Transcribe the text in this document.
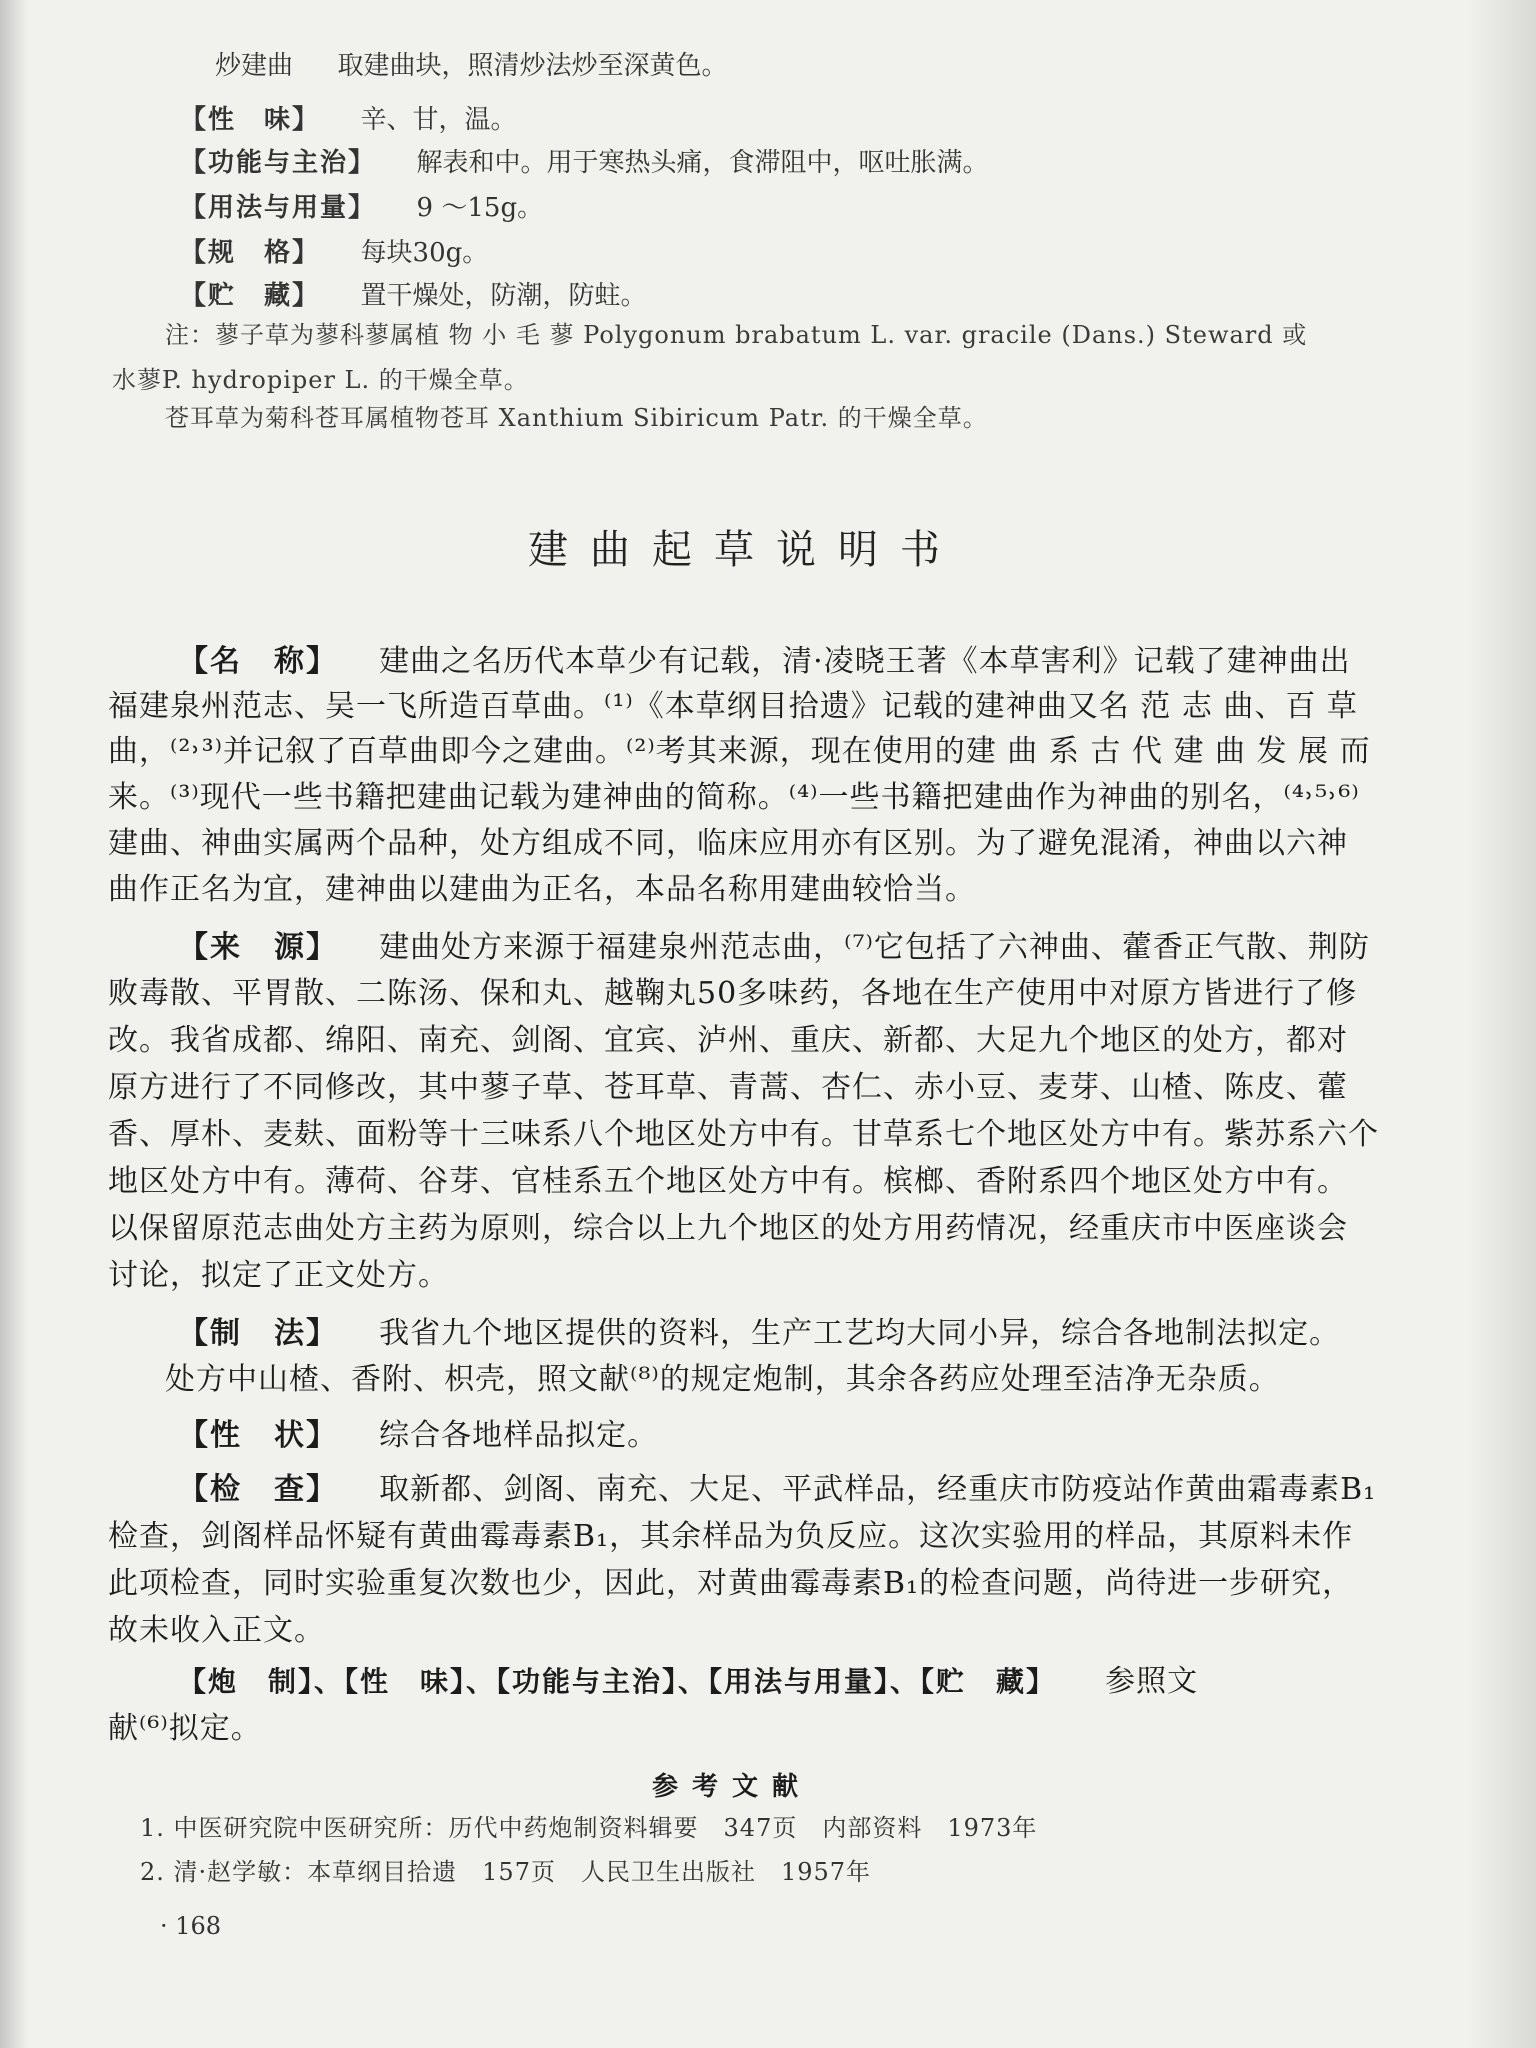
炒建曲 取建曲块，照清炒法炒至深黄色。
【性　味】 辛、甘，温。
【功能与主治】 解表和中。用于寒热头痛，食滞阻中，呕吐胀满。
【用法与用量】 9 ～15g。
【规　格】 每块30g。
【贮　藏】 置干燥处，防潮，防蛀。
注：蓼子草为蓼科蓼属植 物 小 毛 蓼 Polygonum brabatum L. var. gracile (Dans.) Steward 或
水蓼P. hydropiper L. 的干燥全草。
苍耳草为菊科苍耳属植物苍耳 Xanthium Sibiricum Patr. 的干燥全草。
建曲起草说明书
【名　称】 建曲之名历代本草少有记载，清·凌晓王著《本草害利》记载了建神曲出
福建泉州范志、吴一飞所造百草曲。⁽¹⁾《本草纲目拾遗》记载的建神曲又名 范 志 曲、百 草
曲，⁽²˒³⁾并记叙了百草曲即今之建曲。⁽²⁾考其来源，现在使用的建 曲 系 古 代 建 曲 发 展 而
来。⁽³⁾现代一些书籍把建曲记载为建神曲的简称。⁽⁴⁾一些书籍把建曲作为神曲的别名，⁽⁴˒⁵˒⁶⁾
建曲、神曲实属两个品种，处方组成不同，临床应用亦有区别。为了避免混淆，神曲以六神
曲作正名为宜，建神曲以建曲为正名，本品名称用建曲较恰当。
【来　源】 建曲处方来源于福建泉州范志曲，⁽⁷⁾它包括了六神曲、藿香正气散、荆防
败毒散、平胃散、二陈汤、保和丸、越鞠丸50多味药，各地在生产使用中对原方皆进行了修
改。我省成都、绵阳、南充、剑阁、宜宾、泸州、重庆、新都、大足九个地区的处方，都对
原方进行了不同修改，其中蓼子草、苍耳草、青蒿、杏仁、赤小豆、麦芽、山楂、陈皮、藿
香、厚朴、麦麸、面粉等十三味系八个地区处方中有。甘草系七个地区处方中有。紫苏系六个
地区处方中有。薄荷、谷芽、官桂系五个地区处方中有。槟榔、香附系四个地区处方中有。
以保留原范志曲处方主药为原则，综合以上九个地区的处方用药情况，经重庆市中医座谈会
讨论，拟定了正文处方。
【制　法】 我省九个地区提供的资料，生产工艺均大同小异，综合各地制法拟定。
处方中山楂、香附、枳壳，照文献⁽⁸⁾的规定炮制，其余各药应处理至洁净无杂质。
【性　状】 综合各地样品拟定。
【检　查】 取新都、剑阁、南充、大足、平武样品，经重庆市防疫站作黄曲霜毒素B₁
检查，剑阁样品怀疑有黄曲霉毒素B₁，其余样品为负反应。这次实验用的样品，其原料未作
此项检查，同时实验重复次数也少，因此，对黄曲霉毒素B₁的检查问题，尚待进一步研究，
故未收入正文。
【炮　制】、【性　味】、【功能与主治】、【用法与用量】、【贮　藏】 参照文
献⁽⁶⁾拟定。
参考文献
1. 中医研究院中医研究所：历代中药炮制资料辑要　347页　内部资料　1973年
2. 清·赵学敏：本草纲目拾遗　157页　人民卫生出版社　1957年
· 168
